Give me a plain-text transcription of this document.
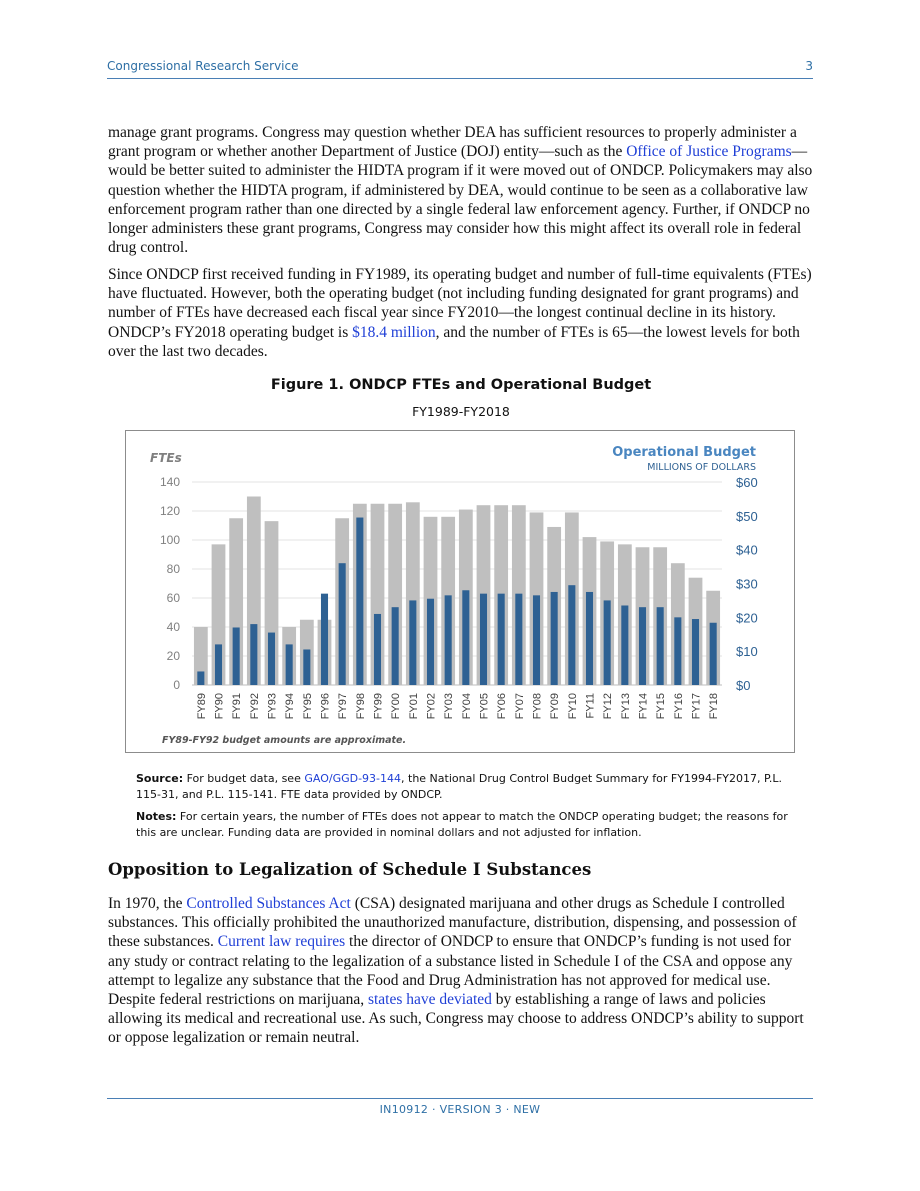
Congressional Research Service	3

manage grant programs. Congress may question whether DEA has sufficient resources to properly administer a grant program or whether another Department of Justice (DOJ) entity—such as the Office of Justice Programs—would be better suited to administer the HIDTA program if it were moved out of ONDCP. Policymakers may also question whether the HIDTA program, if administered by DEA, would continue to be seen as a collaborative law enforcement program rather than one directed by a single federal law enforcement agency. Further, if ONDCP no longer administers these grant programs, Congress may consider how this might affect its overall role in federal drug control.

Since ONDCP first received funding in FY1989, its operating budget and number of full-time equivalents (FTEs) have fluctuated. However, both the operating budget (not including funding designated for grant programs) and number of FTEs have decreased each fiscal year since FY2010—the longest continual decline in its history. ONDCP’s FY2018 operating budget is $18.4 million, and the number of FTEs is 65—the lowest levels for both over the last two decades.

Figure 1. ONDCP FTEs and Operational Budget
FY1989-FY2018
0
20
40
60
80
100
120
140
$0
$10
$20
$30
$40
$50
$60
FTEs	Operational Budget
MILLIONS OF DOLLARS
FY89 FY90 FY91 FY92 FY93 FY94 FY95 FY96 FY97 FY98 FY99 FY00 FY01 FY02 FY03 FY04 FY05 FY06 FY07 FY08 FY09 FY10 FY11 FY12 FY13 FY14 FY15 FY16 FY17 FY18
FY89-FY92 budget amounts are approximate.
Source: For budget data, see GAO/GGD-93-144, the National Drug Control Budget Summary for FY1994-FY2017, P.L. 115-31, and P.L. 115-141. FTE data provided by ONDCP.
Notes: For certain years, the number of FTEs does not appear to match the ONDCP operating budget; the reasons for this are unclear. Funding data are provided in nominal dollars and not adjusted for inflation.
Opposition to Legalization of Schedule I Substances

In 1970, the Controlled Substances Act (CSA) designated marijuana and other drugs as Schedule I controlled substances. This officially prohibited the unauthorized manufacture, distribution, dispensing, and possession of these substances. Current law requires the director of ONDCP to ensure that ONDCP’s funding is not used for any study or contract relating to the legalization of a substance listed in Schedule I of the CSA and oppose any attempt to legalize any substance that the Food and Drug Administration has not approved for medical use. Despite federal restrictions on marijuana, states have deviated by establishing a range of laws and policies allowing its medical and recreational use. As such, Congress may choose to address ONDCP’s ability to support or oppose legalization or remain neutral.

IN10912 · VERSION 3 · NEW
